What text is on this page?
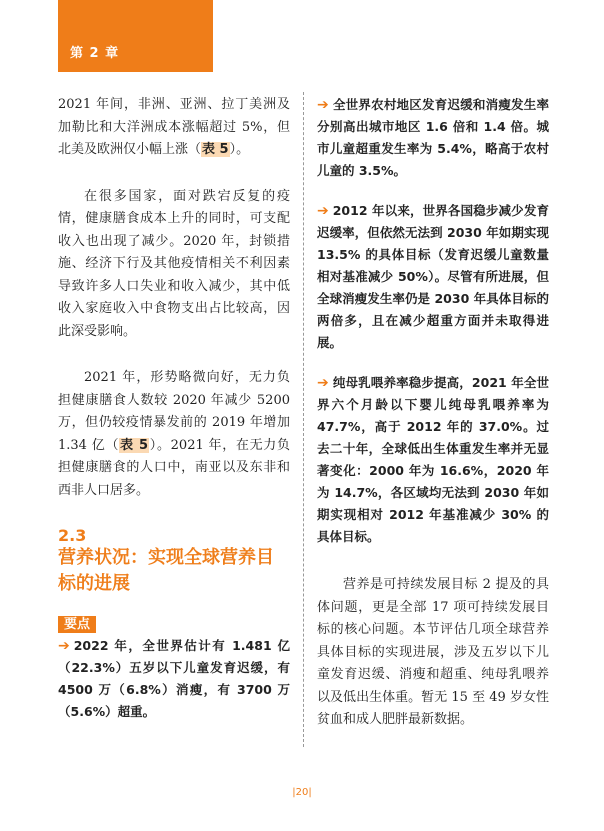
第 2 章

2021 年间，非洲、亚洲、拉丁美洲及加勒比和大洋洲成本涨幅超过 5%，但北美及欧洲仅小幅上涨（表 5）。

在很多国家，面对跌宕反复的疫情，健康膳食成本上升的同时，可支配收入也出现了减少。2020 年，封锁措施、经济下行及其他疫情相关不利因素导致许多人口失业和收入减少，其中低收入家庭收入中食物支出占比较高，因此深受影响。

2021 年，形势略微向好，无力负担健康膳食人数较 2020 年减少 5200 万，但仍较疫情暴发前的 2019 年增加 1.34 亿（表 5）。2021 年，在无力负担健康膳食的人口中，南亚以及东非和西非人口居多。

2.3
营养状况：实现全球营养目标的进展
要点

➔ 2022 年，全世界估计有 1.481 亿（22.3%）五岁以下儿童发育迟缓，有 4500 万（6.8%）消瘦，有 3700 万（5.6%）超重。

➔ 全世界农村地区发育迟缓和消瘦发生率分别高出城市地区 1.6 倍和 1.4 倍。城市儿童超重发生率为 5.4%，略高于农村儿童的 3.5%。

➔ 2012 年以来，世界各国稳步减少发育迟缓率，但依然无法到 2030 年如期实现 13.5% 的具体目标（发育迟缓儿童数量相对基准减少 50%）。尽管有所进展，但全球消瘦发生率仍是 2030 年具体目标的两倍多，且在减少超重方面并未取得进展。

➔ 纯母乳喂养率稳步提高，2021 年全世界六个月龄以下婴儿纯母乳喂养率为 47.7%，高于 2012 年的 37.0%。过去二十年，全球低出生体重发生率并无显著变化：2000 年为 16.6%，2020 年为 14.7%，各区域均无法到 2030 年如期实现相对 2012 年基准减少 30% 的具体目标。

营养是可持续发展目标 2 提及的具体问题，更是全部 17 项可持续发展目标的核心问题。本节评估几项全球营养具体目标的实现进展，涉及五岁以下儿童发育迟缓、消瘦和超重、纯母乳喂养以及低出生体重。暂无 15 至 49 岁女性贫血和成人肥胖最新数据。

|20|
